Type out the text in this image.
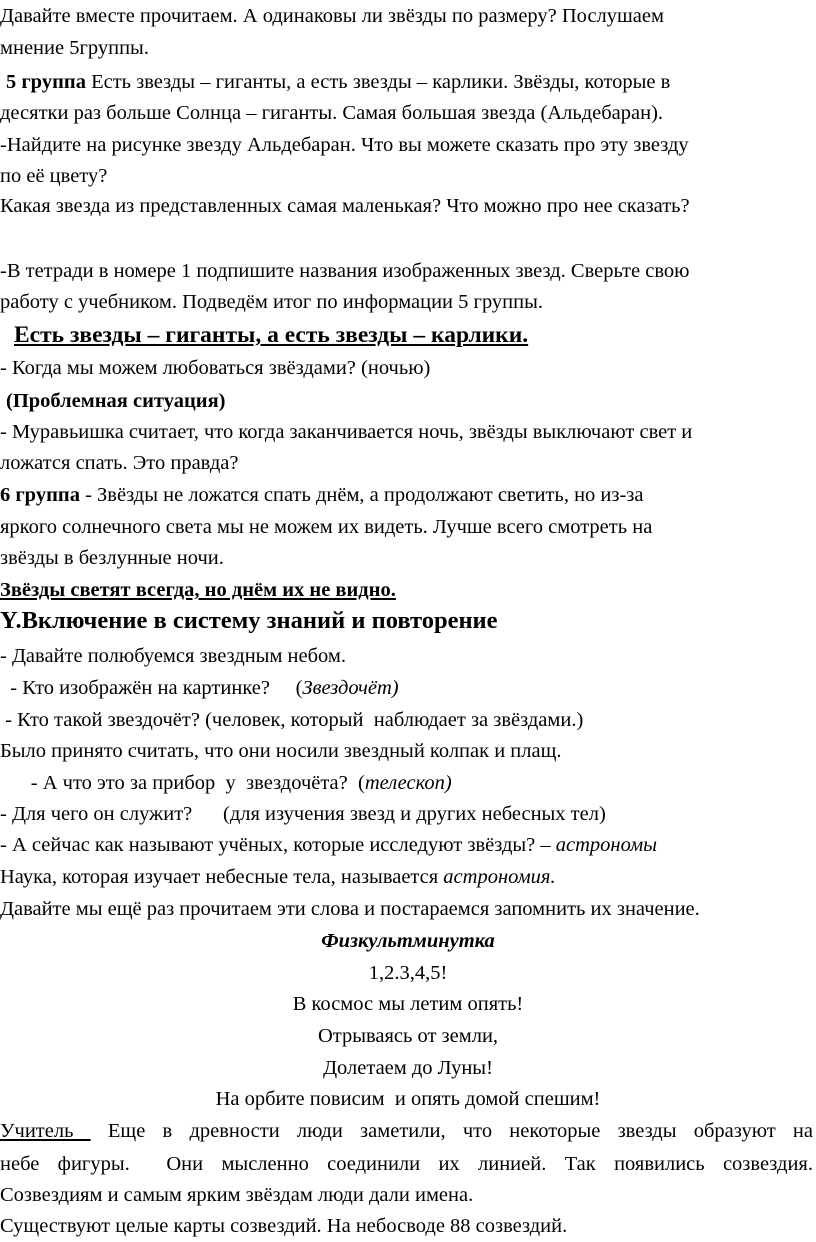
Давайте вместе прочитаем. А одинаковы ли звёзды по размеру? Послушаем
мнение 5группы.
5 группа Есть звезды – гиганты, а есть звезды – карлики. Звёзды, которые в
десятки раз больше Солнца – гиганты. Самая большая звезда (Альдебаран).
-Найдите на рисунке звезду Альдебаран. Что вы можете сказать про эту звезду
по её цвету?
Какая звезда из представленных самая маленькая? Что можно про нее сказать?
-В тетради в номере 1 подпишите названия изображенных звезд. Сверьте свою
работу с учебником. Подведём итог по информации 5 группы.
Есть звезды – гиганты, а есть звезды – карлики.
- Когда мы можем любоваться звёздами? (ночью)
(Проблемная ситуация)
- Муравьишка считает, что когда заканчивается ночь, звёзды выключают свет и
ложатся спать. Это правда?
6 группа - Звёзды не ложатся спать днём, а продолжают светить, но из-за
яркого солнечного света мы не можем их видеть. Лучше всего смотреть на
звёзды в безлунные ночи.
Звёзды светят всегда, но днём их не видно.
Y.Включение в систему знаний и повторение
- Давайте полюбуемся звездным небом.
- Кто изображён на картинке?     (Звездочёт)
- Кто такой звездочёт? (человек, который  наблюдает за звёздами.)
Было принято считать, что они носили звездный колпак и плащ.
- А что это за прибор  у  звездочёта?  (телескоп)
- Для чего он служит?      (для изучения звезд и других небесных тел)
- А сейчас как называют учёных, которые исследуют звёзды? – астрономы
Наука, которая изучает небесные тела, называется астрономия.
Давайте мы ещё раз прочитаем эти слова и постараемся запомнить их значение.
Физкультминутка
1,2.3,4,5!
В космос мы летим опять!
Отрываясь от земли,
Долетаем до Луны!
На орбите повисим  и опять домой спешим!
Учитель  Еще в древности люди заметили, что некоторые звезды образуют на
небе фигуры.  Они мысленно соединили их линией. Так появились созвездия.
Созвездиям и самым ярким звёздам люди дали имена.
Существуют целые карты созвездий. На небосводе 88 созвездий.
